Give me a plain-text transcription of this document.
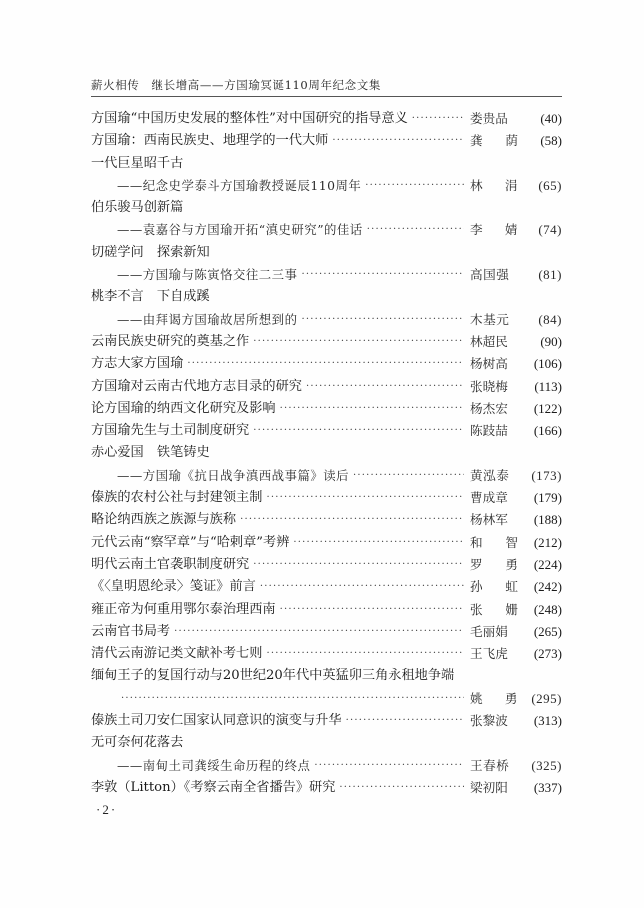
薪火相传　继长增高——方国瑜冥诞110周年纪念文集
方国瑜“中国历史发展的整体性”对中国研究的指导意义 ·····	娄贵品	(40)
方国瑜：西南民族史、地理学的一代大师 ·····	龚 荫	(58)
一代巨星昭千古
——纪念史学泰斗方国瑜教授诞辰110周年 ·····	林 涓	(65)
伯乐骏马创新篇
——袁嘉谷与方国瑜开拓“滇史研究”的佳话 ·····	李 婧	(74)
切磋学问　探索新知
——方国瑜与陈寅恪交往二三事 ·····	高国强	(81)
桃李不言　下自成蹊
——由拜谒方国瑜故居所想到的 ·····	木基元	(84)
云南民族史研究的奠基之作 ·····	林超民	(90)
方志大家方国瑜 ·····	杨树高	(106)
方国瑜对云南古代地方志目录的研究 ·····	张晓梅	(113)
论方国瑜的纳西文化研究及影响 ·····	杨杰宏	(122)
方国瑜先生与土司制度研究 ·····	陈跂喆	(166)
赤心爱国　铁笔铸史
——方国瑜《抗日战争滇西战事篇》读后 ·····	黄泓泰	(173)
傣族的农村公社与封建领主制 ·····	曹成章	(179)
略论纳西族之族源与族称 ·····	杨林军	(188)
元代云南“察罕章”与“哈剌章”考辨 ·····	和 智	(212)
明代云南土官袭职制度研究 ·····	罗 勇	(224)
《〈皇明恩纶录〉笺证》前言 ·····	孙 虹	(242)
雍正帝为何重用鄂尔泰治理西南 ·····	张 姗	(248)
云南官书局考 ·····	毛丽娟	(265)
清代云南游记类文献补考七则 ·····	王飞虎	(273)
缅甸王子的复国行动与20世纪20年代中英猛卯三角永租地争端
·····
姚 勇	(295)
傣族土司刀安仁国家认同意识的演变与升华 ·····	张黎波	(313)
无可奈何花落去
——南甸土司龚绥生命历程的终点 ·····	王春桥	(325)
李敦（Litton）《考察云南全省播告》研究 ·····	梁初阳	(337)
·2·
